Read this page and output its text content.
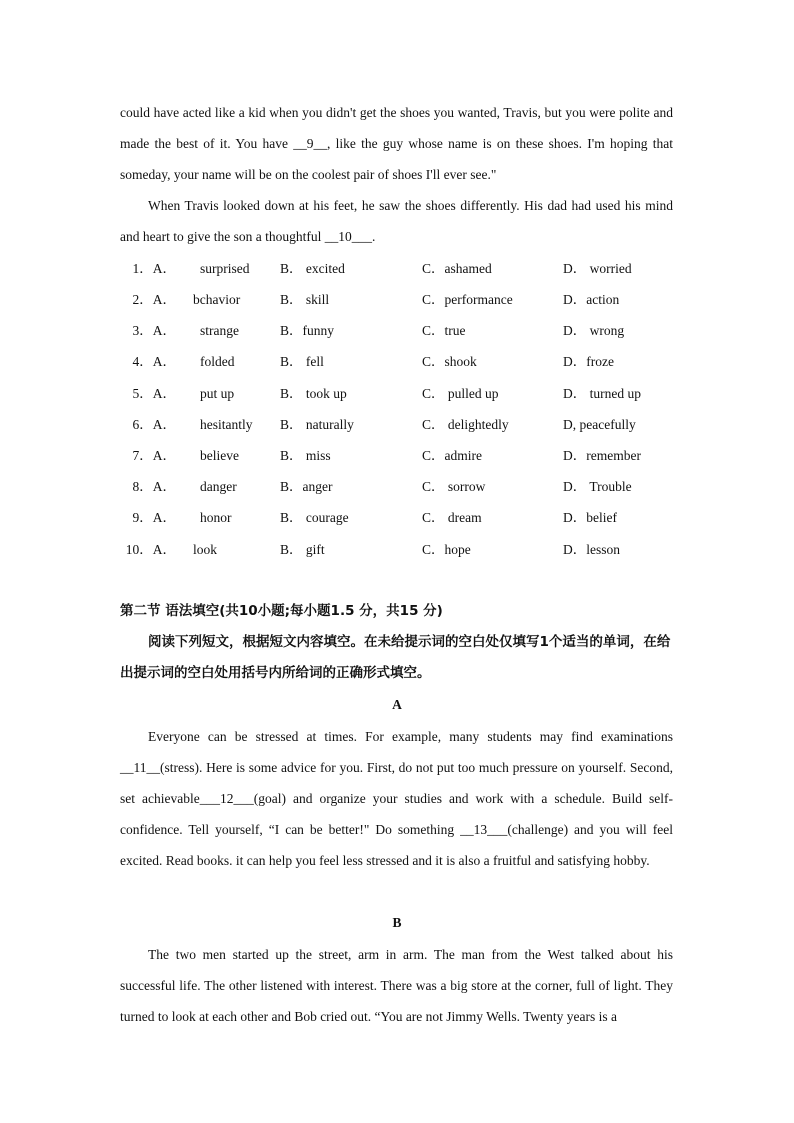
could have acted like a kid when you didn't get the shoes you wanted, Travis, but you were polite and made the best of it. You have __9__, like the guy whose name is on these shoes. I'm hoping that someday, your name will be on the coolest pair of shoes I'll ever see."

When Travis looked down at his feet, he saw the shoes differently. His dad had used his mind and heart to give the son a thoughtful __10___.

1．A． surprised B． excited	C．ashamed	D． worried
2．A． bchavior	B． skill	C．performance	D．action
3．A． strange	B．funny	C．true	D． wrong
4．A． folded	B． fell	C．shook	D．froze
5．A． put up	B． took up	C． pulled up	D． turned up
6．A． hesitantly B． naturally	C． delightedly	D, peacefully
7．A． believe	B． miss	C．admire	D．remember
8．A． danger	B．anger	C． sorrow	D． Trouble
9．A． honor	B． courage	C． dream	D．belief
10．A． look	B． gift	C．hope	D．lesson
第二节 语法填空(共10小题;每小题1.5 分，共15 分)

阅读下列短文，根据短文内容填空。在未给提示词的空白处仅填写1个适当的单词，在给出提示词的空白处用括号内所给词的正确形式填空。

A

Everyone can be stressed at times. For example, many students may find examinations __11__(stress). Here is some advice for you. First, do not put too much pressure on yourself. Second, set achievable___12___(goal) and organize your studies and work with a schedule. Build self-confidence. Tell yourself, “I can be better!" Do something __13___(challenge) and you will feel excited. Read books. it can help you feel less stressed and it is also a fruitful and satisfying hobby.

B

The two men started up the street, arm in arm. The man from the West talked about his successful life. The other listened with interest. There was a big store at the corner, full of light. They turned to look at each other and Bob cried out. “You are not Jimmy Wells. Twenty years is a
